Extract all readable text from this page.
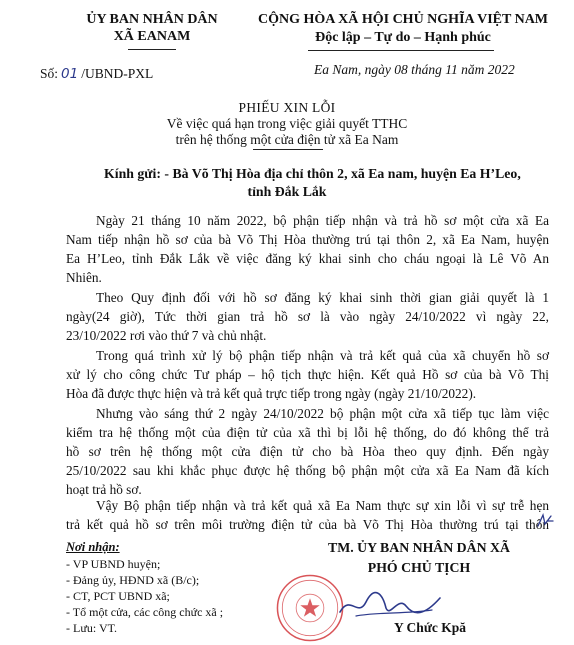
ỦY BAN NHÂN DÂN
XÃ EANAM
CỘNG HÒA XÃ HỘI CHỦ NGHĨA VIỆT NAM
Độc lập – Tự do – Hạnh phúc
Số: 01 /UBND-PXL	Ea Nam, ngày 08 tháng 11 năm 2022
PHIẾU XIN LỖI
Về việc quá hạn trong việc giải quyết TTHC
trên hệ thống một cửa điện tử xã Ea Nam
Kính gửi: - Bà Võ Thị Hòa địa chỉ thôn 2, xã Ea nam, huyện Ea H’Leo,
tỉnh Đắk Lắk
Ngày 21 tháng 10 năm 2022, bộ phận tiếp nhận và trả hồ sơ một cửa xã Ea
Nam tiếp nhận hồ sơ của bà Võ Thị Hòa thường trú tại thôn 2, xã Ea Nam, huyện
Ea H’Leo, tỉnh Đắk Lắk về việc đăng ký khai sinh cho cháu ngoại là Lê Võ An
Nhiên.
Theo Quy định đối với hồ sơ đăng ký khai sinh thời gian giải quyết là 1
ngày(24 giờ), Tức thời gian trả hồ sơ là vào ngày 24/10/2022 vì ngày 22,
23/10/2022 rơi vào thứ 7 và chủ nhật.
Trong quá trình xử lý bộ phận tiếp nhận và trả kết quả của xã chuyển hồ sơ
xử lý cho công chức Tư pháp – hộ tịch thực hiện. Kết quả Hồ sơ của bà Võ Thị
Hòa đã được thực hiện và trả kết quả trực tiếp trong ngày (ngày 21/10/2022).
Nhưng vào sáng thứ 2 ngày 24/10/2022 bộ phận một cửa xã tiếp tục làm việc
kiểm tra hệ thống một của điện tử của xã thì bị lỗi hệ thống, do đó không thể trả
hồ sơ trên hệ thống một cửa điện tử cho bà Hòa theo quy định. Đến ngày
25/10/2022 sau khi khắc phục được hệ thống bộ phận một cửa xã Ea Nam đã kích
hoạt trả hồ sơ.
Vậy Bộ phận tiếp nhận và trả kết quả xã Ea Nam thực sự xin lỗi vì sự trễ hẹn
trả kết quả hồ sơ trên môi trường điện tử của bà Võ Thị Hòa thường trú tại thôn
Nơi nhận:
- VP UBND huyện;
- Đảng ủy, HĐND xã (B/c);
- CT, PCT UBND xã;
- Tổ một cửa, các công chức xã ;
- Lưu: VT.
TM. ỦY BAN NHÂN DÂN XÃ
PHÓ CHỦ TỊCH
Y Chức Kpă
